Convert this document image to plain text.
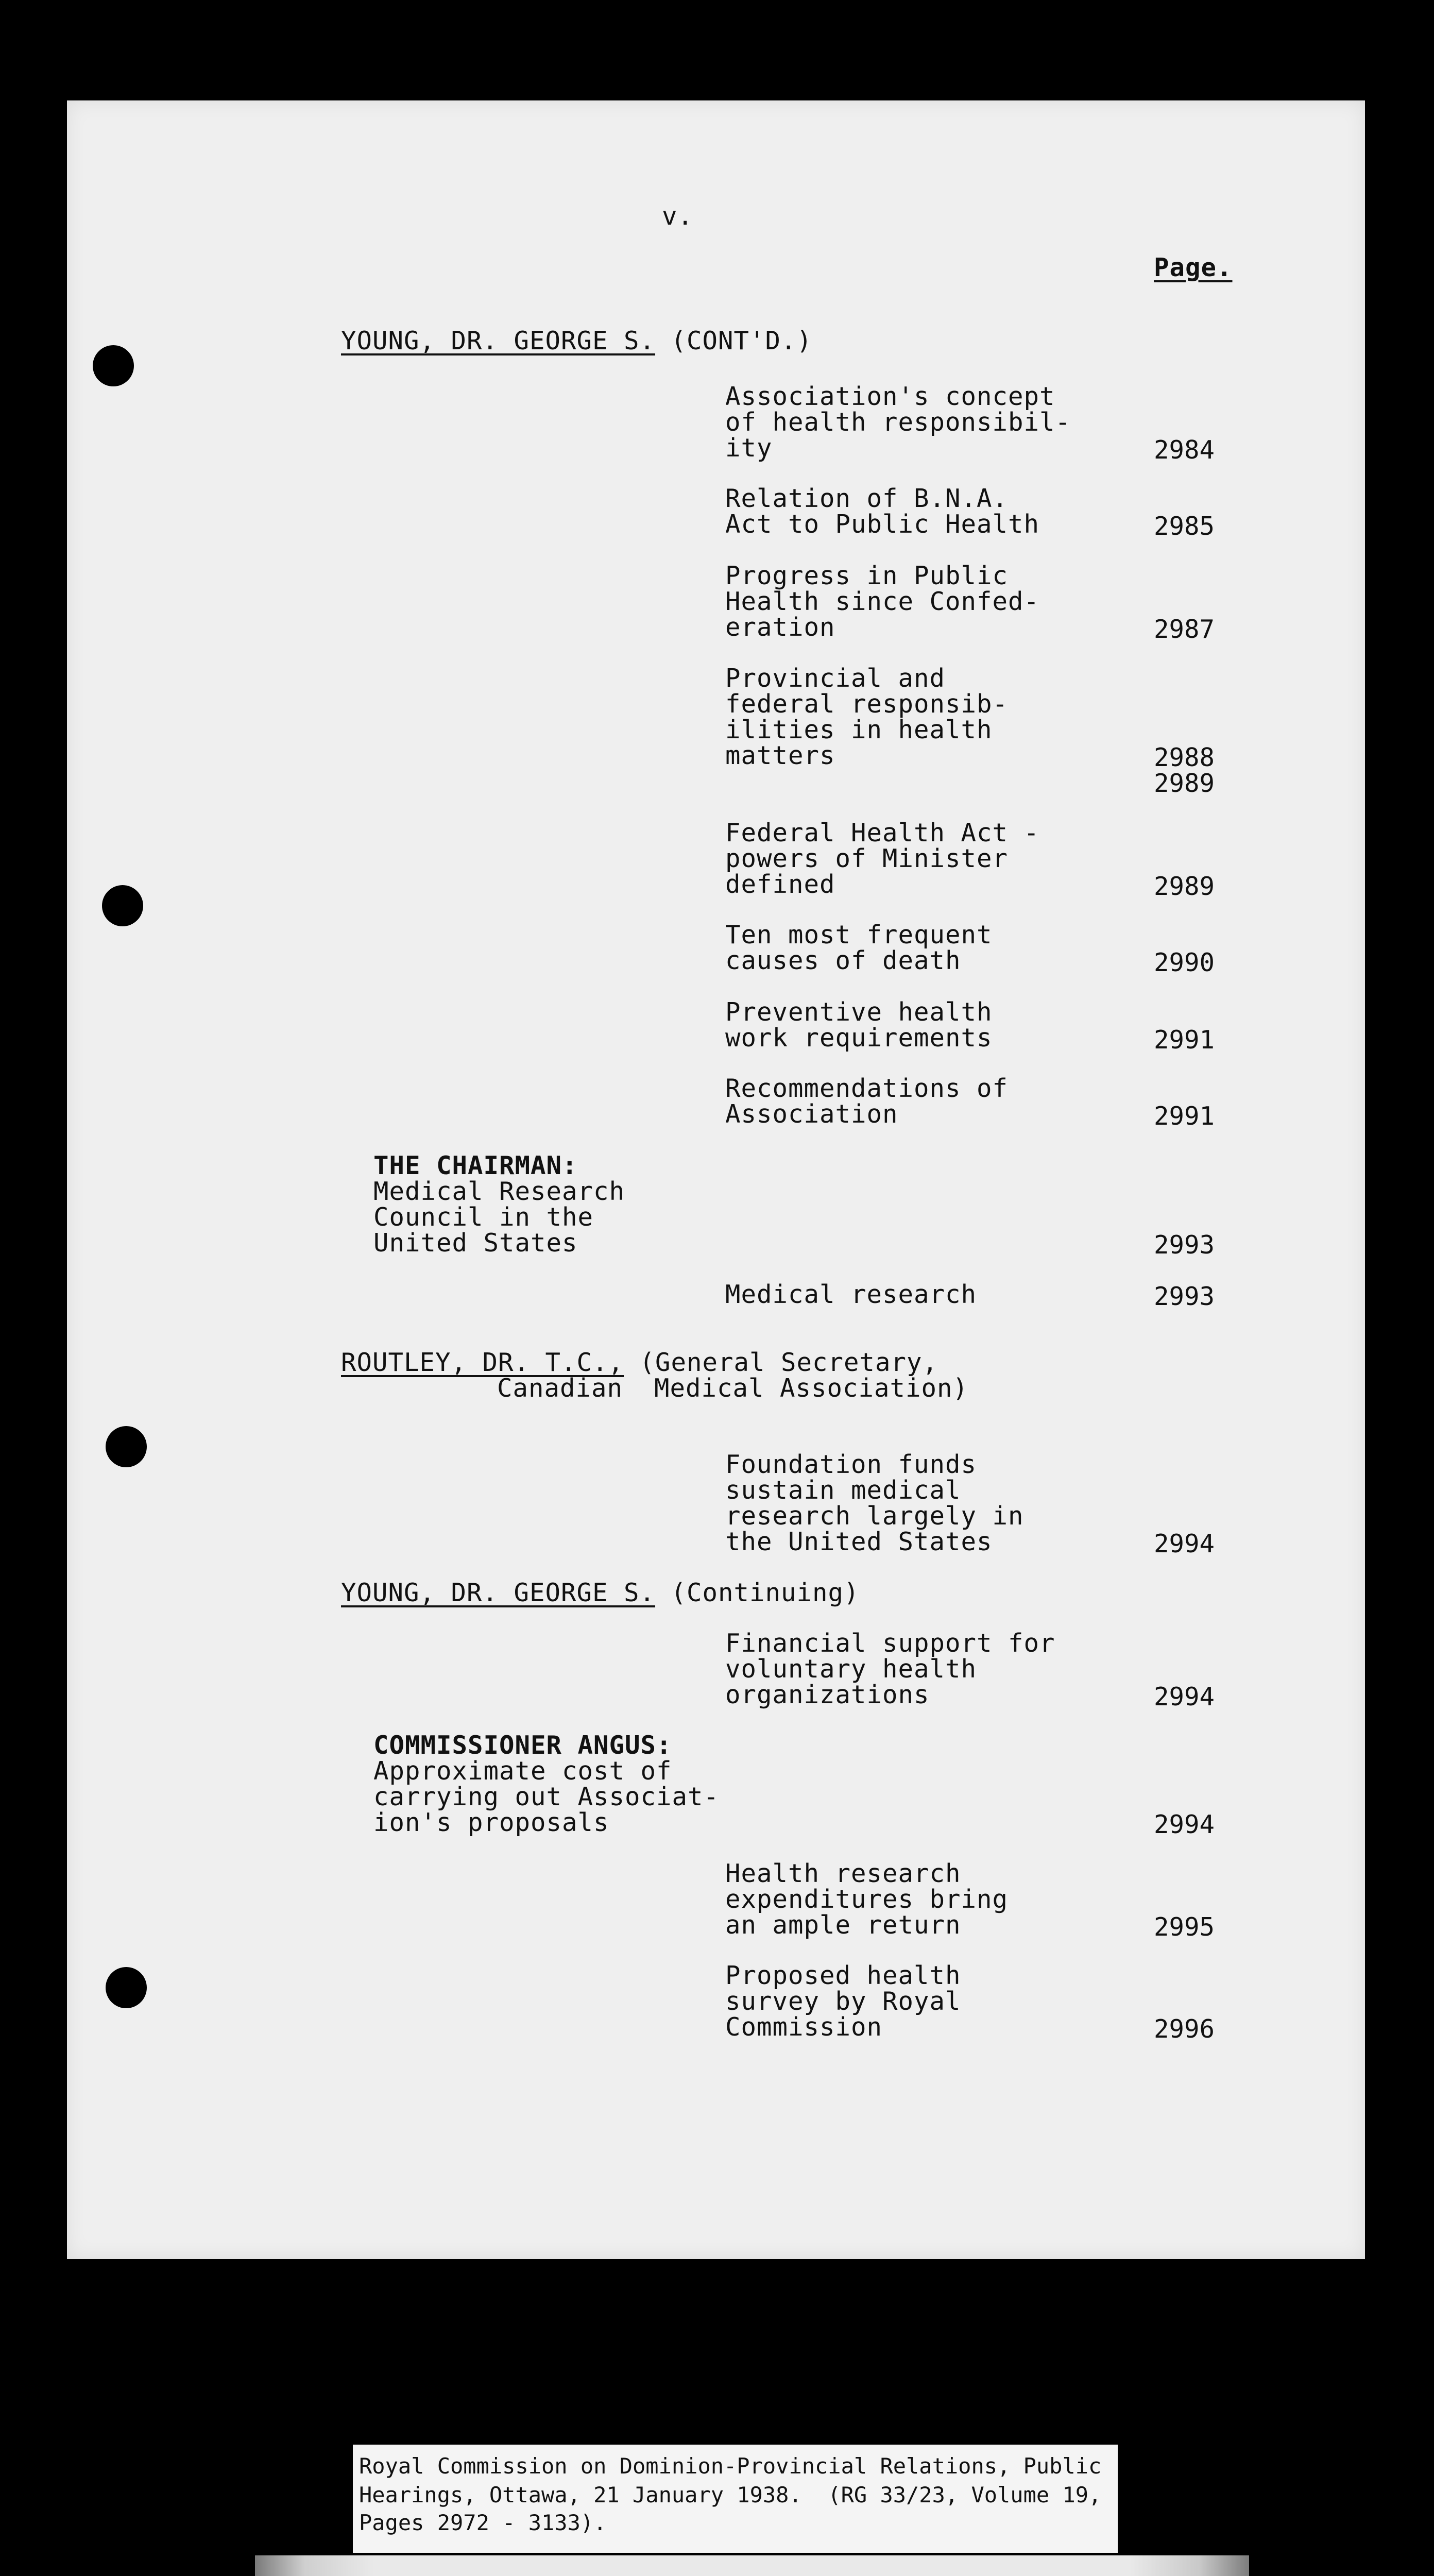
v.
Page.
YOUNG, DR. GEORGE S. (CONT'D.)
Association's concept
of health responsibil-
ity	2984
Relation of B.N.A.
Act to Public Health	2985
Progress in Public
Health since Confed-
eration	2987
Provincial and
federal responsib-
ilities in health
matters	2988
2989
Federal Health Act -
powers of Minister
defined	2989
Ten most frequent
causes of death	2990
Preventive health
work requirements	2991
Recommendations of
Association	2991
THE CHAIRMAN:
Medical Research
Council in the
United States	2993
Medical research	2993
ROUTLEY, DR. T.C., (General Secretary,
Canadian  Medical Association)
Foundation funds
sustain medical
research largely in
the United States	2994
YOUNG, DR. GEORGE S. (Continuing)
Financial support for
voluntary health
organizations	2994
COMMISSIONER ANGUS:
Approximate cost of
carrying out Associat-
ion's proposals	2994
Health research
expenditures bring
an ample return	2995
Proposed health
survey by Royal
Commission	2996
Royal Commission on Dominion-Provincial Relations, Public
Hearings, Ottawa, 21 January 1938.  (RG 33/23, Volume 19,
Pages 2972 - 3133).
